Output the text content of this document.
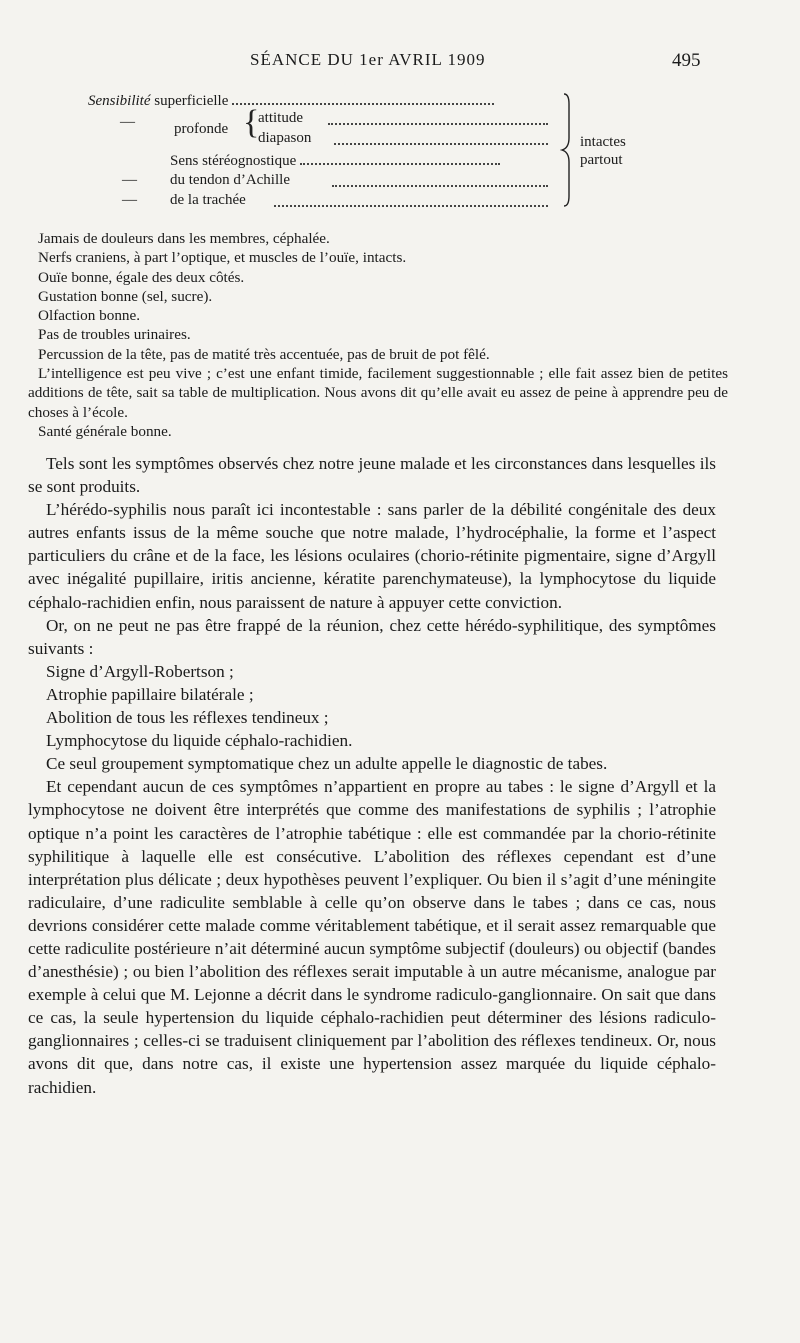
SÉANCE DU 1er AVRIL 1909	495
Sensibilité superficielle
—	profonde {
attitude
diapason
Sens stéréognostique
— du tendon d’Achille
— de la trachée
intactes
partout

Jamais de douleurs dans les membres, céphalée.

Nerfs craniens, à part l’optique, et muscles de l’ouïe, intacts.

Ouïe bonne, égale des deux côtés.

Gustation bonne (sel, sucre).

Olfaction bonne.

Pas de troubles urinaires.

Percussion de la tête, pas de matité très accentuée, pas de bruit de pot fêlé.

L’intelligence est peu vive ; c’est une enfant timide, facilement suggestionnable ; elle fait assez bien de petites additions de tête, sait sa table de multiplication. Nous avons dit qu’elle avait eu assez de peine à apprendre peu de choses à l’école.

Santé générale bonne.

Tels sont les symptômes observés chez notre jeune malade et les circonstances dans lesquelles ils se sont produits.

L’hérédo-syphilis nous paraît ici incontestable : sans parler de la débilité congénitale des deux autres enfants issus de la même souche que notre malade, l’hydrocéphalie, la forme et l’aspect particuliers du crâne et de la face, les lésions oculaires (chorio-rétinite pigmentaire, signe d’Argyll avec inégalité pupillaire, iritis ancienne, kératite parenchymateuse), la lymphocytose du liquide céphalo-rachidien enfin, nous paraissent de nature à appuyer cette conviction.

Or, on ne peut ne pas être frappé de la réunion, chez cette hérédo-syphilitique, des symptômes suivants :

Signe d’Argyll-Robertson ;
Atrophie papillaire bilatérale ;
Abolition de tous les réflexes tendineux ;
Lymphocytose du liquide céphalo-rachidien.

Ce seul groupement symptomatique chez un adulte appelle le diagnostic de tabes.

Et cependant aucun de ces symptômes n’appartient en propre au tabes : le signe d’Argyll et la lymphocytose ne doivent être interprétés que comme des manifestations de syphilis ; l’atrophie optique n’a point les caractères de l’atrophie tabétique : elle est commandée par la chorio-rétinite syphilitique à laquelle elle est consécutive. L’abolition des réflexes cependant est d’une interprétation plus délicate ; deux hypothèses peuvent l’expliquer. Ou bien il s’agit d’une méningite radiculaire, d’une radiculite semblable à celle qu’on observe dans le tabes ; dans ce cas, nous devrions considérer cette malade comme véritablement tabétique, et il serait assez remarquable que cette radiculite postérieure n’ait déterminé aucun symptôme subjectif (douleurs) ou objectif (bandes d’anesthésie) ; ou bien l’abolition des réflexes serait imputable à un autre mécanisme, analogue par exemple à celui que M. Lejonne a décrit dans le syndrome radiculo-ganglionnaire. On sait que dans ce cas, la seule hypertension du liquide céphalo-rachidien peut déterminer des lésions radiculo-ganglionnaires ; celles-ci se traduisent cliniquement par l’abolition des réflexes tendineux. Or, nous avons dit que, dans notre cas, il existe une hypertension assez marquée du liquide céphalo-rachidien.
